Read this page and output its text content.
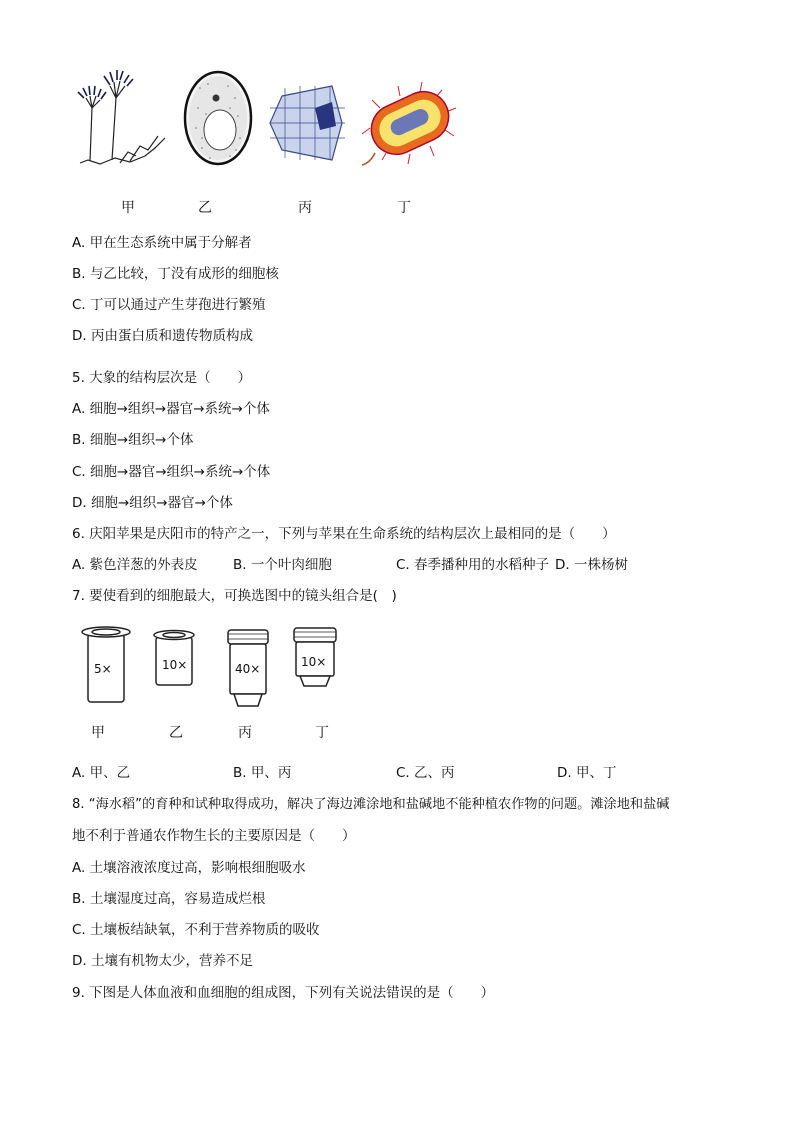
甲	乙	丙	丁
A. 甲在生态系统中属于分解者
B. 与乙比较，丁没有成形的细胞核
C. 丁可以通过产生芽孢进行繁殖
D. 丙由蛋白质和遗传物质构成
5. 大象的结构层次是（　　）
A. 细胞→组织→器官→系统→个体
B. 细胞→组织→个体
C. 细胞→器官→组织→系统→个体
D. 细胞→组织→器官→个体
6. 庆阳苹果是庆阳市的特产之一，下列与苹果在生命系统的结构层次上最相同的是（　　）
A. 紫色洋葱的外表皮	B. 一个叶肉细胞	C. 春季播种用的水稻种子 D. 一株杨树
7. 要使看到的细胞最大，可换选图中的镜头组合是(　)
5×	10×	40×	10×
甲	乙	丙	丁
A. 甲、乙	B. 甲、丙	C. 乙、丙	D. 甲、丁
8. “海水稻”的育种和试种取得成功，解决了海边滩涂地和盐碱地不能种植农作物的问题。滩涂地和盐碱
地不利于普通农作物生长的主要原因是（　　）
A. 土壤溶液浓度过高，影响根细胞吸水
B. 土壤湿度过高，容易造成烂根
C. 土壤板结缺氧，不利于营养物质的吸收
D. 土壤有机物太少，营养不足
9. 下图是人体血液和血细胞的组成图，下列有关说法错误的是（　　）
